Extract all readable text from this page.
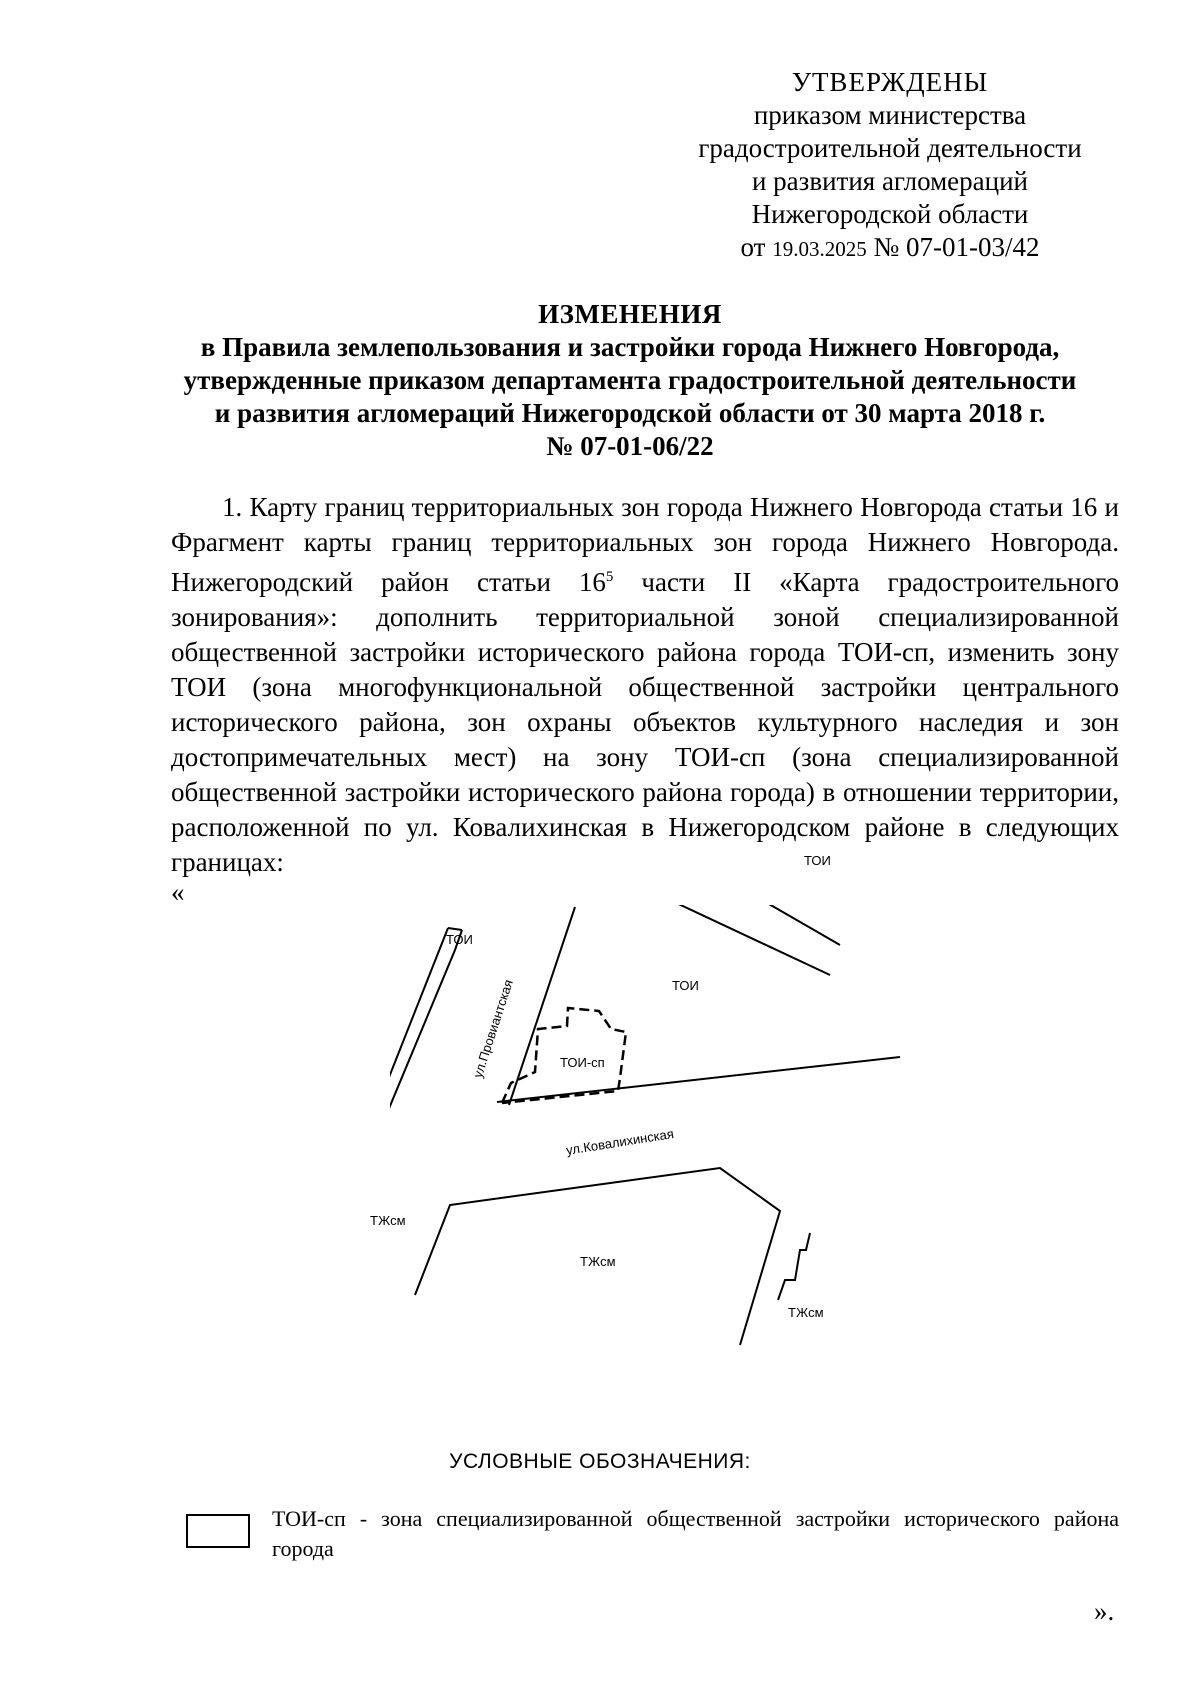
УТВЕРЖДЕНЫ
приказом министерства
градостроительной деятельности
и развития агломераций
Нижегородской области
от 19.03.2025 № 07-01-03/42
ИЗМЕНЕНИЯ
в Правила землепользования и застройки города Нижнего Новгорода,
утвержденные приказом департамента градостроительной деятельности
и развития агломераций Нижегородской области от 30 марта 2018 г.
№ 07-01-06/22
1. Карту границ территориальных зон города Нижнего Новгорода статьи 16 и Фрагмент карты границ территориальных зон города Нижнего Новгорода. Нижегородский район статьи $16^5$ части II «Карта градостроительного зонирования»: дополнить территориальной зоной специализированной общественной застройки исторического района города ТОИ-сп, изменить зону ТОИ (зона многофункциональной общественной застройки центрального исторического района, зон охраны объектов культурного наследия и зон достопримечательных мест) на зону ТОИ-сп (зона специализированной общественной застройки исторического района города) в отношении территории, расположенной по ул. Ковалихинская в Нижегородском районе в следующих границах:
«
ТОИ
ТОИ
ТОИ
ТОИ-сп
ул.Провиантская
ул.Ковалихинская
ТЖсм
ТЖсм
ТЖсм
УСЛОВНЫЕ ОБОЗНАЧЕНИЯ:
ТОИ-сп - зона специализированной общественной застройки исторического района города
».
